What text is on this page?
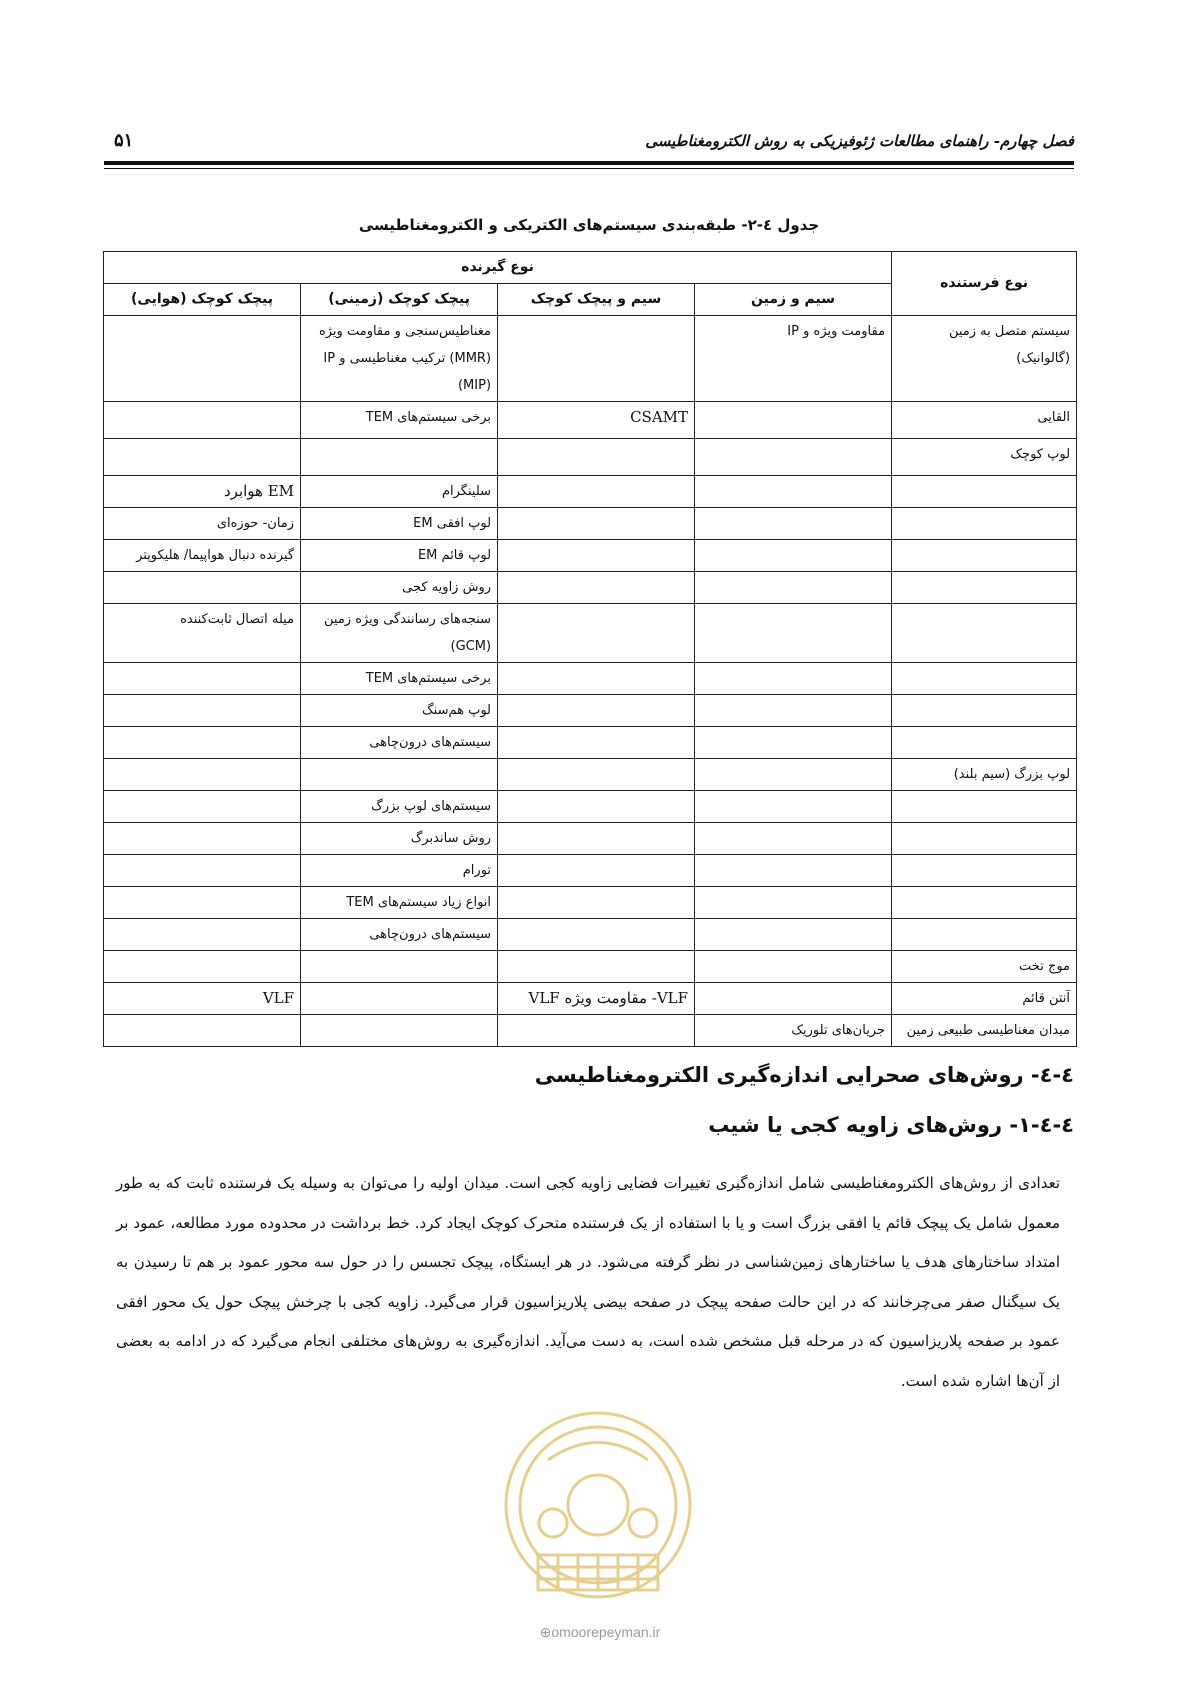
فصل چهارم- راهنمای مطالعات ژئوفیزیکی به روش الکترومغناطیسی
۵۱
جدول ٤-٢- طبقه‌بندی سیستم‌های الکتریکی و الکترومغناطیسی
نوع فرستنده	نوع گیرنده			
	سیم و زمین	سیم و پیچک کوچک	پیچک کوچک (زمینی)	پیچک کوچک (هوایی)
سیستم متصل به زمین (گالوانیک)	مقاومت ویژه و IP		مغناطیس‌سنجی و مقاومت ویژه (MMR) ترکیب مغناطیسی و IP (MIP)	
القایی		CSAMT	برخی سیستم‌های TEM	
لوپ کوچک				
			سلینگرام	EM هوابرد
			لوپ افقی EM	زمان- حوزه‌ای
			لوپ قائم EM	گیرنده دنبال هواپیما/ هلیکوپتر
			روش زاویه کجی	
			سنجه‌های رسانندگی ویژه زمین (GCM)	میله اتصال ثابت‌کننده
			برخی سیستم‌های TEM	
			لوپ هم‌سنگ	
			سیستم‌های درون‌چاهی	
لوپ بزرگ (سیم بلند)				
			سیستم‌های لوپ بزرگ	
			روش ساندبرگ	
			تورام	
			انواع زیاد سیستم‌های TEM	
			سیستم‌های درون‌چاهی	
موج تخت				
آنتن قائم		VLF- مقاومت ویژه VLF		VLF
میدان مغناطیسی طبیعی زمین	جریان‌های تلوریک			
٤-٤- روش‌های صحرایی اندازه‌گیری الکترومغناطیسی
٤-٤-١- روش‌های زاویه کجی یا شیب
تعدادی از روش‌های الکترومغناطیسی شامل اندازه‌گیری تغییرات فضایی زاویه کجی است. میدان اولیه را می‌توان به وسیله یک فرستنده ثابت که به طور معمول شامل یک پیچک قائم یا افقی بزرگ است و یا با استفاده از یک فرستنده متحرک کوچک ایجاد کرد. خط برداشت در محدوده مورد مطالعه، عمود بر امتداد ساختارهای هدف یا ساختارهای زمین‌شناسی در نظر گرفته می‌شود. در هر ایستگاه، پیچک تجسس را در حول سه محور عمود بر هم تا رسیدن به یک سیگنال صفر می‌چرخانند که در این حالت صفحه پیچک در صفحه بیضی پلاریزاسیون قرار می‌گیرد. زاویه کجی با چرخش پیچک حول یک محور افقی عمود بر صفحه پلاریزاسیون که در مرحله قبل مشخص شده است، به دست می‌آید. اندازه‌گیری به روش‌های مختلفی انجام می‌گیرد که در ادامه به بعضی از آن‌ها اشاره شده است.
⊕omoorepeyman.ir
